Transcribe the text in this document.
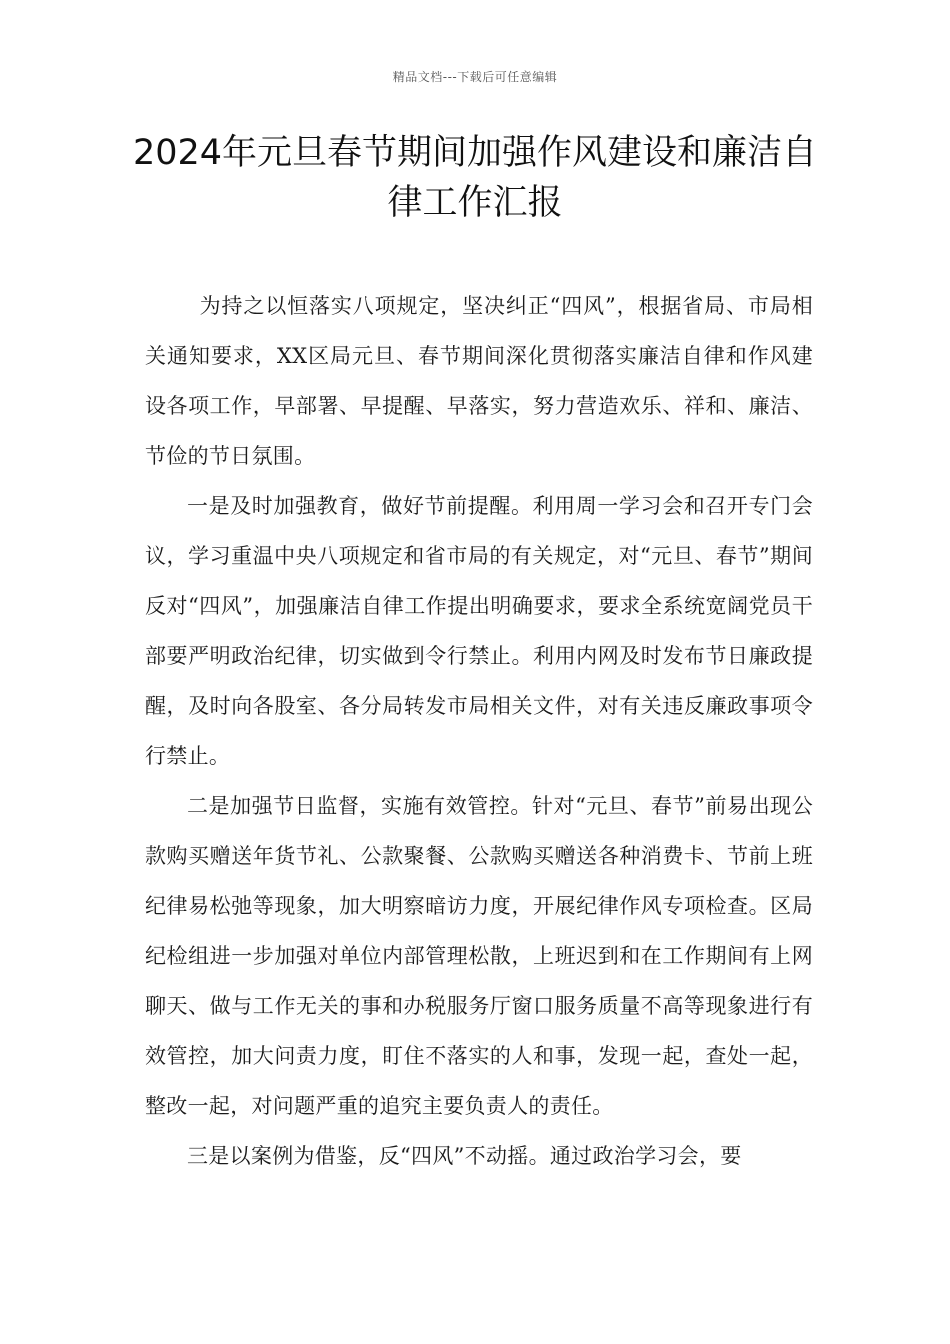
精品文档---下载后可任意编辑
2024年元旦春节期间加强作风建设和廉洁自律工作汇报

为持之以恒落实八项规定，坚决纠正“四风”，根据省局、市局相关通知要求，XX区局元旦、春节期间深化贯彻落实廉洁自律和作风建设各项工作，早部署、早提醒、早落实，努力营造欢乐、祥和、廉洁、节俭的节日氛围。

一是及时加强教育，做好节前提醒。利用周一学习会和召开专门会议，学习重温中央八项规定和省市局的有关规定，对“元旦、春节”期间反对“四风”，加强廉洁自律工作提出明确要求，要求全系统宽阔党员干部要严明政治纪律，切实做到令行禁止。利用内网及时发布节日廉政提醒，及时向各股室、各分局转发市局相关文件，对有关违反廉政事项令行禁止。

二是加强节日监督，实施有效管控。针对“元旦、春节”前易出现公款购买赠送年货节礼、公款聚餐、公款购买赠送各种消费卡、节前上班纪律易松弛等现象，加大明察暗访力度，开展纪律作风专项检查。区局纪检组进一步加强对单位内部管理松散，上班迟到和在工作期间有上网聊天、做与工作无关的事和办税服务厅窗口服务质量不高等现象进行有效管控，加大问责力度，盯住不落实的人和事，发现一起，查处一起，整改一起，对问题严重的追究主要负责人的责任。

三是以案例为借鉴，反“四风”不动摇。通过政治学习会，要
